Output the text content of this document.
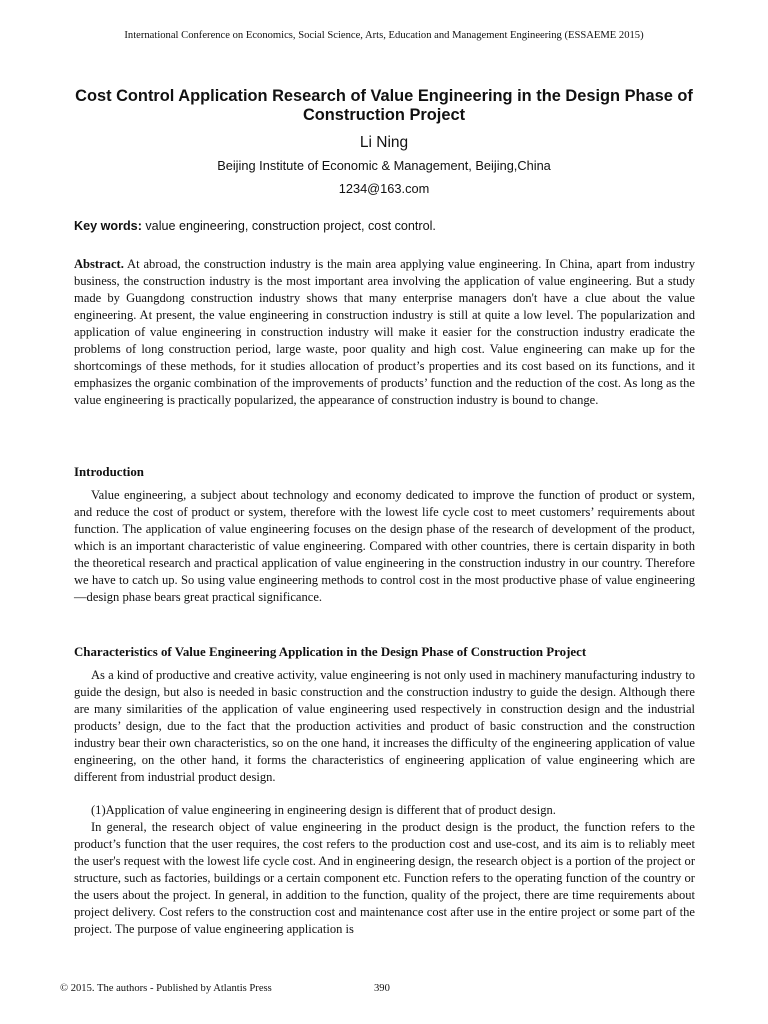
International Conference on Economics, Social Science, Arts, Education and Management Engineering (ESSAEME 2015)
Cost Control Application Research of Value Engineering in the Design Phase of Construction Project
Li Ning
Beijing Institute of Economic & Management, Beijing,China
1234@163.com
Key words: value engineering, construction project, cost control.
Abstract. At abroad, the construction industry is the main area applying value engineering. In China, apart from industry business, the construction industry is the most important area involving the application of value engineering. But a study made by Guangdong construction industry shows that many enterprise managers don't have a clue about the value engineering. At present, the value engineering in construction industry is still at quite a low level. The popularization and application of value engineering in construction industry will make it easier for the construction industry eradicate the problems of long construction period, large waste, poor quality and high cost. Value engineering can make up for the shortcomings of these methods, for it studies allocation of product’s properties and its cost based on its functions, and it emphasizes the organic combination of the improvements of products’ function and the reduction of the cost. As long as the value engineering is practically popularized, the appearance of construction industry is bound to change.
Introduction
Value engineering, a subject about technology and economy dedicated to improve the function of product or system, and reduce the cost of product or system, therefore with the lowest life cycle cost to meet customers’ requirements about function. The application of value engineering focuses on the design phase of the research of development of the product, which is an important characteristic of value engineering. Compared with other countries, there is certain disparity in both the theoretical research and practical application of value engineering in the construction industry in our country. Therefore we have to catch up. So using value engineering methods to control cost in the most productive phase of value engineering—design phase bears great practical significance.
Characteristics of Value Engineering Application in the Design Phase of Construction Project
As a kind of productive and creative activity, value engineering is not only used in machinery manufacturing industry to guide the design, but also is needed in basic construction and the construction industry to guide the design. Although there are many similarities of the application of value engineering used respectively in construction design and the industrial products’ design, due to the fact that the production activities and product of basic construction and the construction industry bear their own characteristics, so on the one hand, it increases the difficulty of the engineering application of value engineering, on the other hand, it forms the characteristics of engineering application of value engineering which are different from industrial product design.
(1)Application of value engineering in engineering design is different that of product design.
In general, the research object of value engineering in the product design is the product, the function refers to the product’s function that the user requires, the cost refers to the production cost and use-cost, and its aim is to reliably meet the user's request with the lowest life cycle cost. And in engineering design, the research object is a portion of the project or structure, such as factories, buildings or a certain component etc. Function refers to the operating function of the country or the users about the project. In general, in addition to the function, quality of the project, there are time requirements about project delivery. Cost refers to the construction cost and maintenance cost after use in the entire project or some part of the project. The purpose of value engineering application is
© 2015. The authors - Published by Atlantis Press	390
